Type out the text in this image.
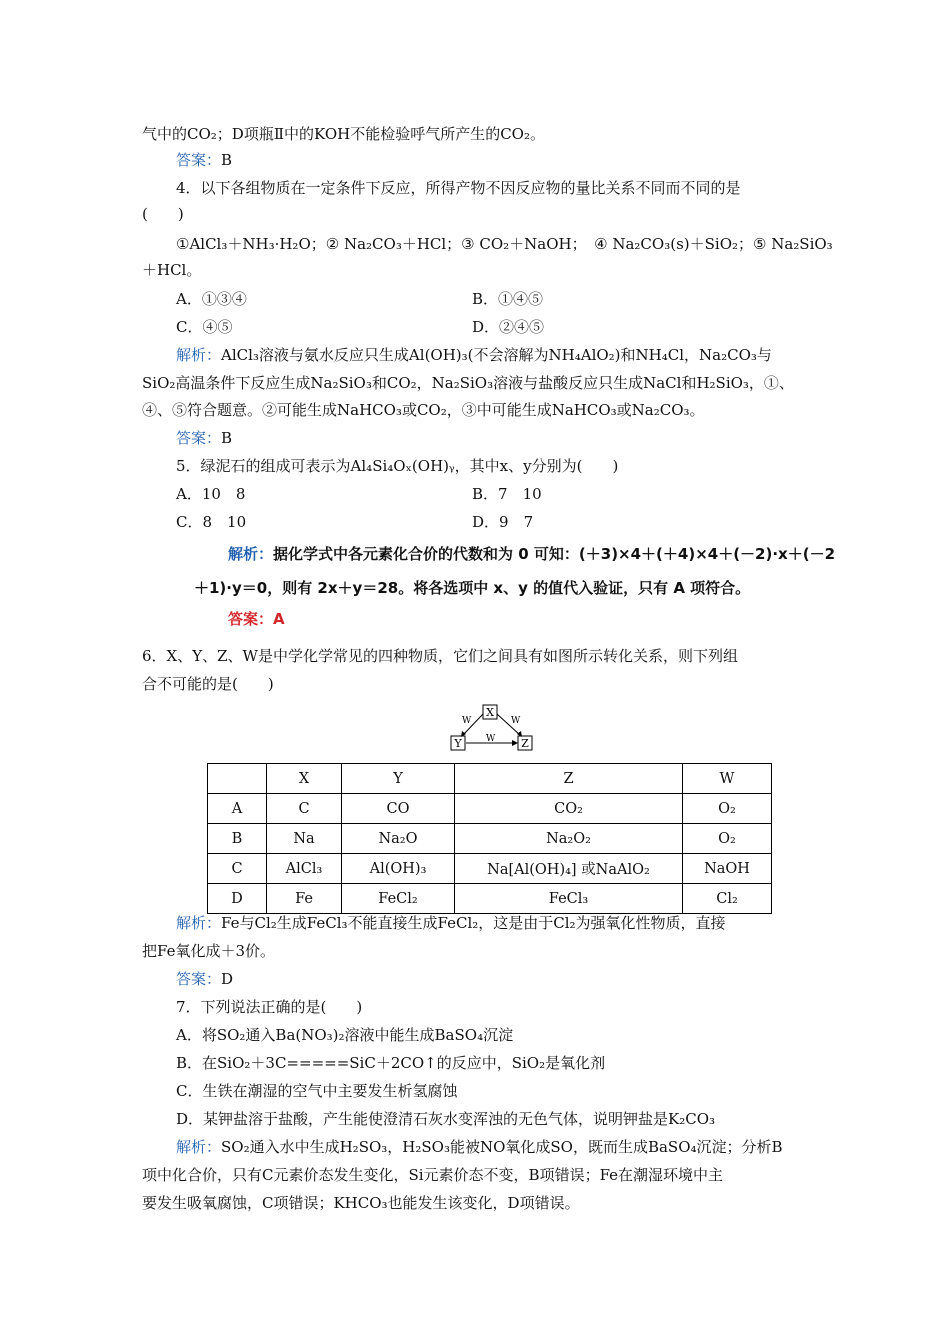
气中的CO₂；D项瓶Ⅱ中的KOH不能检验呼气所产生的CO₂。
答案：B
4．以下各组物质在一定条件下反应，所得产物不因反应物的量比关系不同而不同的是
(　　)
①AlCl₃＋NH₃·H₂O；② Na₂CO₃＋HCl；③ CO₂＋NaOH；　④ Na₂CO₃(s)＋SiO₂；⑤ Na₂SiO₃
＋HCl。
A．①③④	B．①④⑤
C．④⑤	D．②④⑤
解析：AlCl₃溶液与氨水反应只生成Al(OH)₃(不会溶解为NH₄AlO₂)和NH₄Cl，Na₂CO₃与
SiO₂高温条件下反应生成Na₂SiO₃和CO₂，Na₂SiO₃溶液与盐酸反应只生成NaCl和H₂SiO₃，①、
④、⑤符合题意。②可能生成NaHCO₃或CO₂，③中可能生成NaHCO₃或Na₂CO₃。
答案：B
5．绿泥石的组成可表示为Al₄Si₄Oₓ(OH)ᵧ，其中x、y分别为(　　)
A．10　8	B．7　10
C．8　10	D．9　7
解析：据化学式中各元素化合价的代数和为 0 可知：(＋3)×4＋(＋4)×4＋(－2)·x＋(－2
＋1)·y＝0，则有 2x＋y＝28。将各选项中 x、y 的值代入验证，只有 A 项符合。
答案：A
6．X、Y、Z、W是中学化学常见的四种物质，它们之间具有如图所示转化关系，则下列组
合不可能的是(　　)
X
Y	Z
W	W
W
	X	Y	Z	W
A	C	CO	CO₂	O₂
B	Na	Na₂O	Na₂O₂	O₂
C	AlCl₃	Al(OH)₃	Na[Al(OH)₄] 或NaAlO₂	NaOH
D	Fe	FeCl₂	FeCl₃	Cl₂
解析：Fe与Cl₂生成FeCl₃不能直接生成FeCl₂，这是由于Cl₂为强氧化性物质，直接
把Fe氧化成＋3价。
答案：D
7．下列说法正确的是(　　)
A．将SO₂通入Ba(NO₃)₂溶液中能生成BaSO₄沉淀
B．在SiO₂＋3C=====SiC＋2CO↑的反应中，SiO₂是氧化剂
C．生铁在潮湿的空气中主要发生析氢腐蚀
D．某钾盐溶于盐酸，产生能使澄清石灰水变浑浊的无色气体，说明钾盐是K₂CO₃
解析：SO₂通入水中生成H₂SO₃，H₂SO₃能被NO氧化成SO，既而生成BaSO₄沉淀；分析B
项中化合价，只有C元素价态发生变化，Si元素价态不变，B项错误；Fe在潮湿环境中主
要发生吸氧腐蚀，C项错误；KHCO₃也能发生该变化，D项错误。
